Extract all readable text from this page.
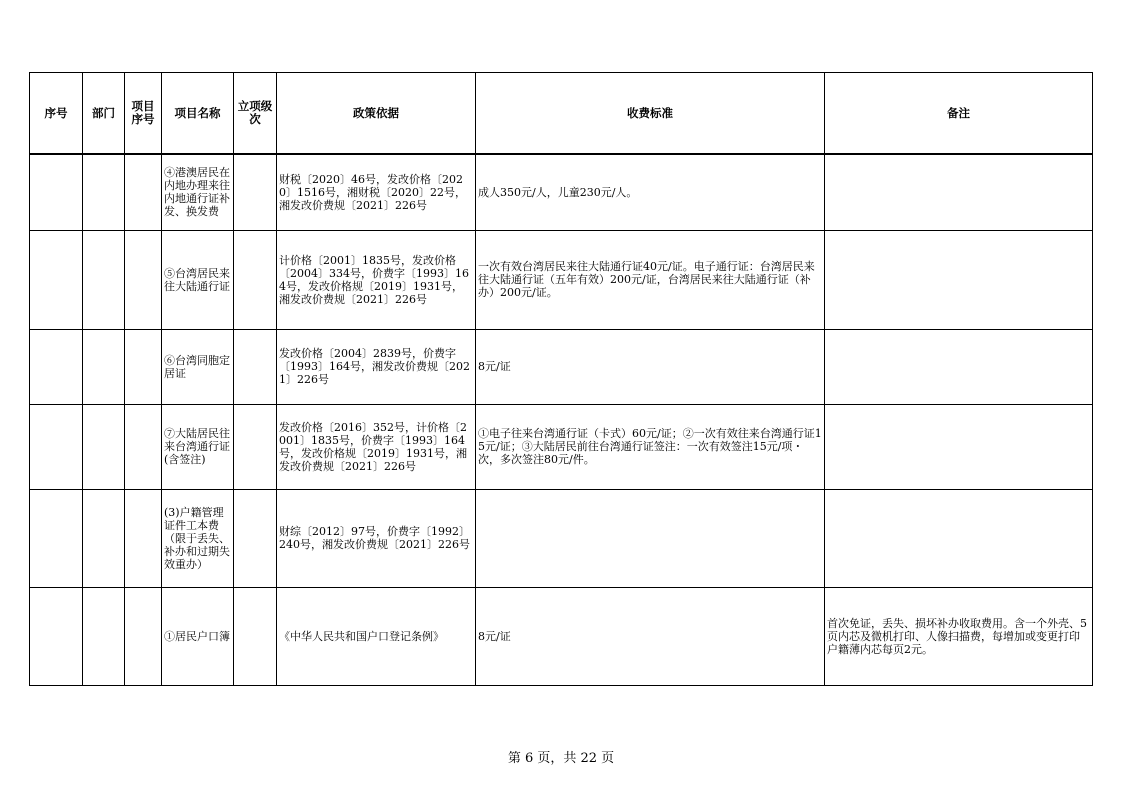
序号	部门	项目序号	项目名称	立项级次	政策依据	收费标准	备注
			④港澳居民在内地办理来往内地通行证补发、换发费		财税〔2020〕46号，发改价格〔2020〕1516号，湘财税〔2020〕22号，湘发改价费规〔2021〕226号	成人350元/人，儿童230元/人。	
			⑤台湾居民来往大陆通行证		计价格〔2001〕1835号，发改价格〔2004〕334号，价费字〔1993〕164号，发改价格规〔2019〕1931号，湘发改价费规〔2021〕226号	一次有效台湾居民来往大陆通行证40元/证。电子通行证：台湾居民来往大陆通行证（五年有效）200元/证，台湾居民来往大陆通行证（补办）200元/证。	
			⑥台湾同胞定居证		发改价格〔2004〕2839号，价费字〔1993〕164号，湘发改价费规〔2021〕226号	8元/证	
			⑦大陆居民往来台湾通行证(含签注)		发改价格〔2016〕352号，计价格〔2001〕1835号，价费字〔1993〕164号，发改价格规〔2019〕1931号，湘发改价费规〔2021〕226号	①电子往来台湾通行证（卡式）60元/证；②一次有效往来台湾通行证15元/证；③大陆居民前往台湾通行证签注：一次有效签注15元/项・次，多次签注80元/件。	
			(3)户籍管理证件工本费（限于丢失、补办和过期失效重办）		财综〔2012〕97号，价费字〔1992〕240号，湘发改价费规〔2021〕226号		
			①居民户口簿		《中华人民共和国户口登记条例》	8元/证	首次免证，丢失、损坏补办收取费用。含一个外壳、5页内芯及微机打印、人像扫描费，每增加或变更打印户籍薄内芯每页2元。
第 6 页，共 22 页
